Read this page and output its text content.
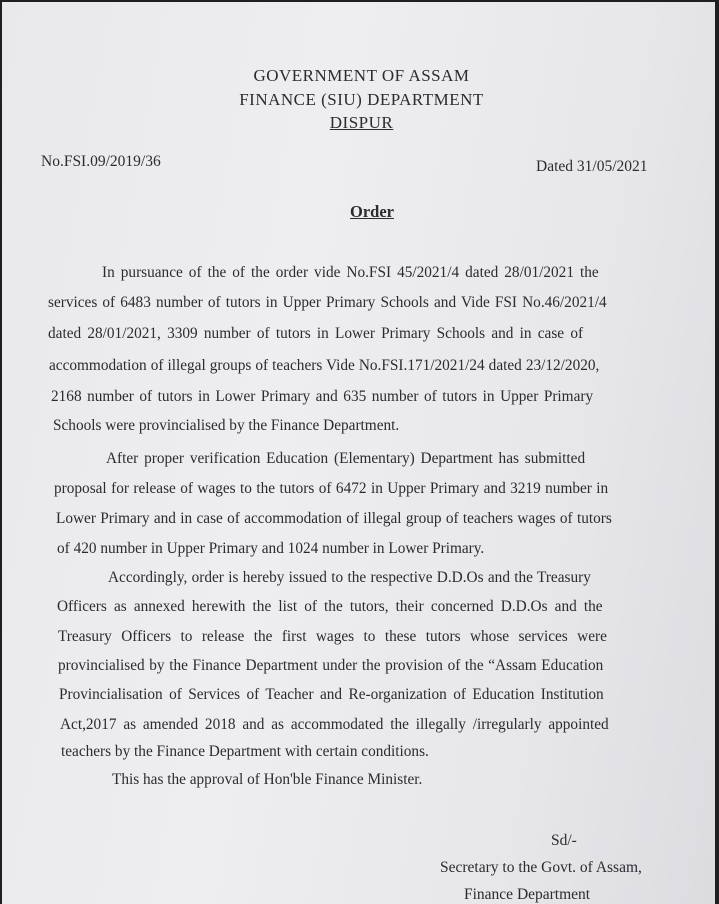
GOVERNMENT OF ASSAM
FINANCE (SIU) DEPARTMENT
DISPUR
No.FSI.09/2019/36	Dated 31/05/2021
Order
In pursuance of the of the order vide No.FSI 45/2021/4 dated 28/01/2021 the
services of 6483 number of tutors in Upper Primary Schools and Vide FSI No.46/2021/4
dated 28/01/2021, 3309 number of tutors in Lower Primary Schools and in case of
accommodation of illegal groups of teachers Vide No.FSI.171/2021/24 dated 23/12/2020,
2168 number of tutors in Lower Primary and 635 number of tutors in Upper Primary
Schools were provincialised by the Finance Department.
After proper verification Education (Elementary) Department has submitted
proposal for release of wages to the tutors of 6472 in Upper Primary and 3219 number in
Lower Primary and in case of accommodation of illegal group of teachers wages of tutors
of 420 number in Upper Primary and 1024 number in Lower Primary.
Accordingly, order is hereby issued to the respective D.D.Os and the Treasury
Officers as annexed herewith the list of the tutors, their concerned D.D.Os and the
Treasury Officers to release the first wages to these tutors whose services were
provincialised by the Finance Department under the provision of the “Assam Education
Provincialisation of Services of Teacher and Re-organization of Education Institution
Act,2017 as amended 2018 and as accommodated the illegally /irregularly appointed
teachers by the Finance Department with certain conditions.
This has the approval of Hon'ble Finance Minister.
Sd/-
Secretary to the Govt. of Assam,
Finance Department
